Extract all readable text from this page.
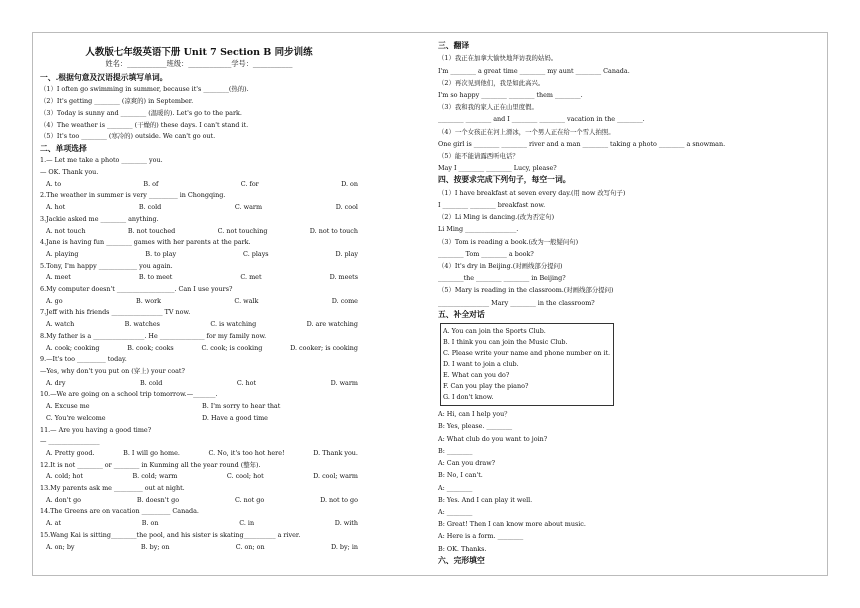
人教版七年级英语下册 Unit 7 Section B 同步训练
姓名：___________班级：____________学号：___________
一、.根据句意及汉语提示填写单词。
（1）I often go swimming in summer, because it's ________(热的).
（2）It's getting ________ (凉爽的) in September.
（3）Today is sunny and ________ (温暖的). Let's go to the park.
（4）The weather is ________ (干燥的) these days. I can't stand it.
（5）It's too ________ (寒冷的) outside. We can't go out.
二、单项选择
1.— Let me take a photo ________ you.
— OK. Thank you.
A. to	B. of	C. for	D. on
2.The weather in summer is very _________ in Chongqing.
A. hot	B. cold	C. warm	D. cool
3.Jackie asked me ________ anything.
A. not touch	B. not touched	C. not touching	D. not to touch
4.Jane is having fun ________ games with her parents at the park.
A. playing	B. to play	C. plays	D. play
5.Tony, I'm happy ____________ you again.
A. meet	B. to meet	C. met	D. meets
6.My computer doesn't __________________. Can I use yours?
A. go	B. work	C. walk	D. come
7.Jeff with his friends ________________ TV now.
A. watch	B. watches	C. is watching	D. are watching
8.My father is a ________________. He ______________ for my family now.
A. cook; cooking	B. cook; cooks	C. cook; is cooking	D. cooker; is cooking
9.—It's too _________ today.
—Yes, why don't you put on (穿上) your coat?
A. dry	B. cold	C. hot	D. warm
10.—We are going on a school trip tomorrow.—_______.
A. Excuse me	B. I'm sorry to hear that
C. You're welcome	D. Have a good time
11.— Are you having a good time?
— ________________
A. Pretty good.	B. I will go home.	C. No, it's too hot here!	D. Thank you.
12.It is not ________ or ________ in Kunming all the year round (整年).
A. cold; hot	B. cold; warm	C. cool; hot	D. cool; warm
13.My parents ask me _________ out at night.
A. don't go	B. doesn't go	C. not go	D. not to go
14.The Greens are on vacation _________ Canada.
A. at	B. on	C. in	D. with
15.Wang Kai is sitting________the pool, and his sister is skating__________ a river.
A. on; by	B. by; on	C. on; on	D. by; in
三、翻译
（1）我正在加拿大愉快地拜访我的姑妈。
I'm ________ a great time ________ my aunt ________ Canada.
（2）再次见到他们，我是如此高兴。
I'm so happy ________ ________ them ________.
（3）我和我的家人正在山里度假。
________ ________ and I ________ ________ vacation in the ________.
（4）一个女孩正在河上滑冰，一个男人正在给一个雪人拍照。
One girl is ________ ________ river and a man ________ taking a photo ________ a snowman.
（5）能不能请露西听电话？
May I ________ ________ Lucy, please?
四、按要求完成下列句子，每空一词。
（1）I have breakfast at seven every day.(用 now 改写句子)
I ________ ________ breakfast now.
（2）Li Ming is dancing.(改为否定句)
Li Ming ________________.
（3）Tom is reading a book.(改为一般疑问句)
________ Tom ________ a book?
（4）It's dry in Beijing.(对画线部分提问)
________the ________ ________ in Beijing?
（5）Mary is reading in the classroom.(对画线部分提问)
________________ Mary ________ in the classroom?
五、补全对话
A. You can join the Sports Club.
B. I think you can join the Music Club.
C. Please write your name and phone number on it.
D. I want to join a club.
E. What can you do?
F. Can you play the piano?
G. I don't know.
A: Hi, can I help you？
B: Yes, please. ________
A: What club do you want to join?
B: ________
A: Can you draw?
B: No, I can't.
A: ________
B: Yes. And I can play it well.
A: ________
B: Great! Then I can know more about music.
A: Here is a form. ________
B: OK. Thanks.
六、完形填空
